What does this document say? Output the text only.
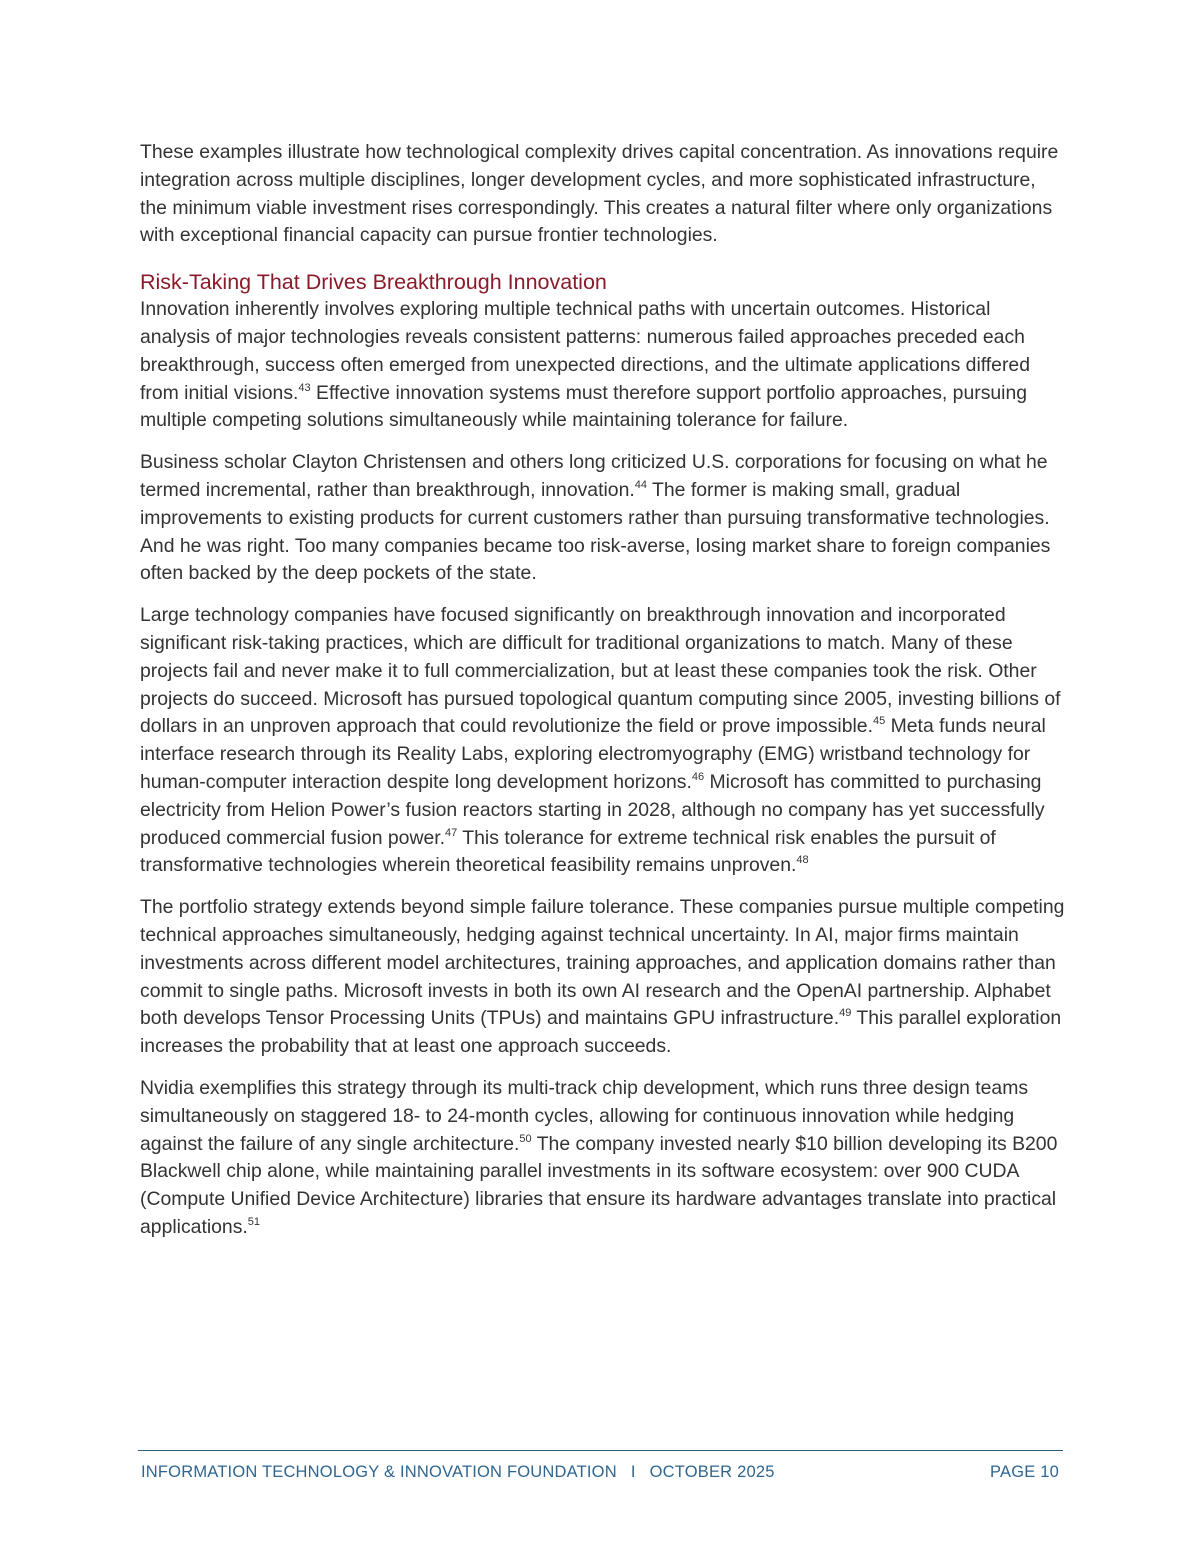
These examples illustrate how technological complexity drives capital concentration. As innovations require integration across multiple disciplines, longer development cycles, and more sophisticated infrastructure, the minimum viable investment rises correspondingly. This creates a natural filter where only organizations with exceptional financial capacity can pursue frontier technologies.

Risk-Taking That Drives Breakthrough Innovation

Innovation inherently involves exploring multiple technical paths with uncertain outcomes. Historical analysis of major technologies reveals consistent patterns: numerous failed approaches preceded each breakthrough, success often emerged from unexpected directions, and the ultimate applications differed from initial visions.$^{43}$ Effective innovation systems must therefore support portfolio approaches, pursuing multiple competing solutions simultaneously while maintaining tolerance for failure.

Business scholar Clayton Christensen and others long criticized U.S. corporations for focusing on what he termed incremental, rather than breakthrough, innovation.$^{44}$ The former is making small, gradual improvements to existing products for current customers rather than pursuing transformative technologies. And he was right. Too many companies became too risk-averse, losing market share to foreign companies often backed by the deep pockets of the state.

Large technology companies have focused significantly on breakthrough innovation and incorporated significant risk-taking practices, which are difficult for traditional organizations to match. Many of these projects fail and never make it to full commercialization, but at least these companies took the risk. Other projects do succeed. Microsoft has pursued topological quantum computing since 2005, investing billions of dollars in an unproven approach that could revolutionize the field or prove impossible.$^{45}$ Meta funds neural interface research through its Reality Labs, exploring electromyography (EMG) wristband technology for human-computer interaction despite long development horizons.$^{46}$ Microsoft has committed to purchasing electricity from Helion Power’s fusion reactors starting in 2028, although no company has yet successfully produced commercial fusion power.$^{47}$ This tolerance for extreme technical risk enables the pursuit of transformative technologies wherein theoretical feasibility remains unproven.$^{48}$

The portfolio strategy extends beyond simple failure tolerance. These companies pursue multiple competing technical approaches simultaneously, hedging against technical uncertainty. In AI, major firms maintain investments across different model architectures, training approaches, and application domains rather than commit to single paths. Microsoft invests in both its own AI research and the OpenAI partnership. Alphabet both develops Tensor Processing Units (TPUs) and maintains GPU infrastructure.$^{49}$ This parallel exploration increases the probability that at least one approach succeeds.

Nvidia exemplifies this strategy through its multi-track chip development, which runs three design teams simultaneously on staggered 18- to 24-month cycles, allowing for continuous innovation while hedging against the failure of any single architecture.$^{50}$ The company invested nearly $10 billion developing its B200 Blackwell chip alone, while maintaining parallel investments in its software ecosystem: over 900 CUDA (Compute Unified Device Architecture) libraries that ensure its hardware advantages translate into practical applications.$^{51}$

INFORMATION TECHNOLOGY & INNOVATION FOUNDATION I OCTOBER 2025	PAGE 10
